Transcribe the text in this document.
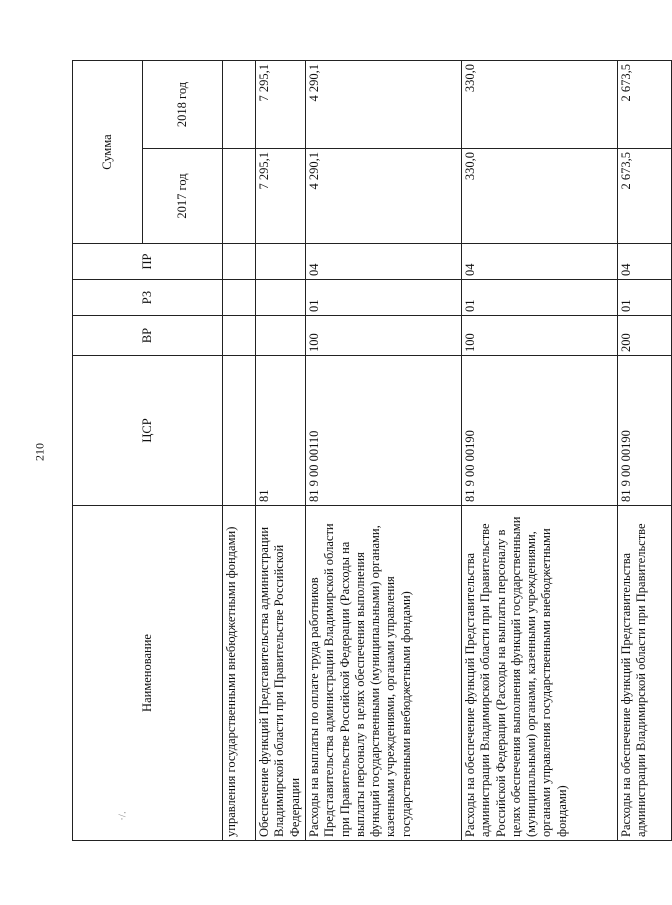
210
·/.
Наименование	ЦСР	ВР	РЗ	ПР	Сумма	
					2017 год	2018 год
управления государственными внебюджетными фондами)						
Обеспечение функций Представительства администрации Владимирской области при Правительстве Российской Федерации	81				7 295,1	7 295,1
Расходы на выплаты по оплате труда работников Представительства администрации Владимирской области при Правительстве Российской Федерации (Расходы на выплаты персоналу в целях обеспечения выполнения функций государственными (муниципальными) органами, казенными учреждениями, органами управления государственными внебюджетными фондами)	81 9 00 00110	100	01	04	4 290,1	4 290,1
Расходы на обеспечение функций Представительства администрации Владимирской области при Правительстве Российской Федерации (Расходы на выплаты персоналу в целях обеспечения выполнения функций государственными (муниципальными) органами, казенными учреждениями, органами управления государственными внебюджетными фондами)	81 9 00 00190	100	01	04	330,0	330,0
Расходы на обеспечение функций Представительства администрации Владимирской области при Правительстве	81 9 00 00190	200	01	04	2 673,5	2 673,5
